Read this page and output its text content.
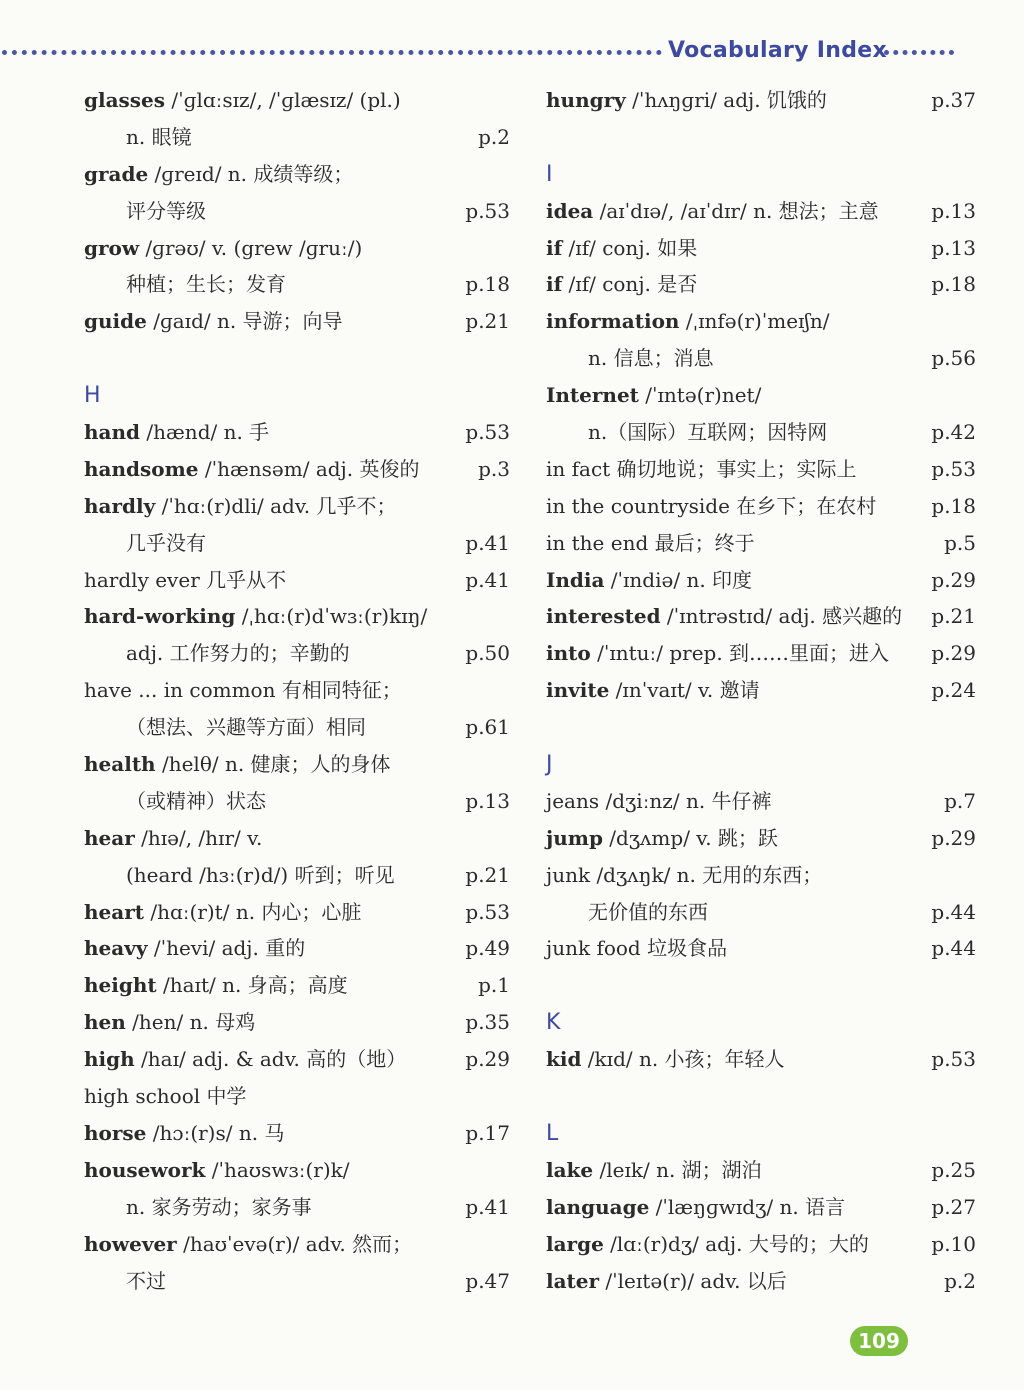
Vocabulary Index
glasses /ˈɡlɑːsɪz/, /ˈɡlæsɪz/ (pl.)
n. 眼镜	p.2
grade /ɡreɪd/ n. 成绩等级；
评分等级	p.53
grow /ɡrəʊ/ v. (grew /ɡruː/)
种植；生长；发育	p.18
guide /ɡaɪd/ n. 导游；向导	p.21
H
hand /hænd/ n. 手	p.53
handsome /ˈhænsəm/ adj. 英俊的	p.3
hardly /ˈhɑː(r)dli/ adv. 几乎不；
几乎没有	p.41
hardly ever 几乎从不	p.41
hard-working /ˌhɑː(r)dˈwɜː(r)kɪŋ/
adj. 工作努力的；辛勤的	p.50
have ... in common 有相同特征；
（想法、兴趣等方面）相同	p.61
health /helθ/ n. 健康；人的身体
（或精神）状态	p.13
hear /hɪə/, /hɪr/ v.
(heard /hɜː(r)d/) 听到；听见	p.21
heart /hɑː(r)t/ n. 内心；心脏	p.53
heavy /ˈhevi/ adj. 重的	p.49
height /haɪt/ n. 身高；高度	p.1
hen /hen/ n. 母鸡	p.35
high /haɪ/ adj. & adv. 高的（地）	p.29
high school 中学
horse /hɔː(r)s/ n. 马	p.17
housework /ˈhaʊswɜː(r)k/
n. 家务劳动；家务事	p.41
however /haʊˈevə(r)/ adv. 然而；
不过	p.47
hungry /ˈhʌŋɡri/ adj. 饥饿的	p.37
I
idea /aɪˈdɪə/, /aɪˈdɪr/ n. 想法；主意	p.13
if /ɪf/ conj. 如果	p.13
if /ɪf/ conj. 是否	p.18
information /ˌɪnfə(r)ˈmeɪʃn/
n. 信息；消息	p.56
Internet /ˈɪntə(r)net/
n.（国际）互联网；因特网	p.42
in fact 确切地说；事实上；实际上	p.53
in the countryside 在乡下；在农村	p.18
in the end 最后；终于	p.5
India /ˈɪndiə/ n. 印度	p.29
interested /ˈɪntrəstɪd/ adj. 感兴趣的 p.21
into /ˈɪntuː/ prep. 到……里面；进入 p.29
invite /ɪnˈvaɪt/ v. 邀请	p.24
J
jeans /dʒiːnz/ n. 牛仔裤	p.7
jump /dʒʌmp/ v. 跳；跃	p.29
junk /dʒʌŋk/ n. 无用的东西；
无价值的东西	p.44
junk food 垃圾食品	p.44
K
kid /kɪd/ n. 小孩；年轻人	p.53
L
lake /leɪk/ n. 湖；湖泊	p.25
language /ˈlæŋɡwɪdʒ/ n. 语言	p.27
large /lɑː(r)dʒ/ adj. 大号的；大的	p.10
later /ˈleɪtə(r)/ adv. 以后	p.2
109
